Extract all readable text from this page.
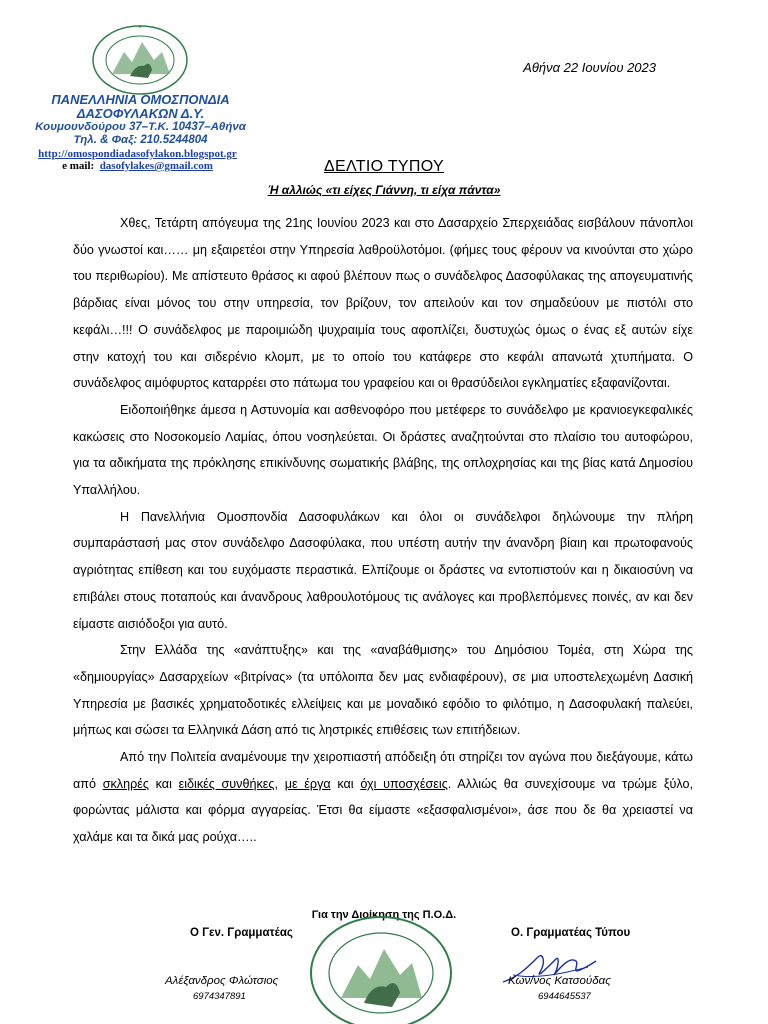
Αθήνα 22 Ιουνίου 2023
ΠΑΝΕΛΛΗΝΙΑ ΟΜΟΣΠΟΝΔΙΑ
ΔΑΣΟΦΥΛΑΚΩΝ Δ.Υ.
Κουμουνδούρου 37–Τ.Κ. 10437–Αθήνα
Τηλ. & Φαξ: 210.5244804
http://omospondiadasofylakon.blogspot.gr
e mail: dasofylakes@gmail.com	ΔΕΛΤΙΟ ΤΥΠΟΥ
Ή αλλιώς «τι είχες Γιάννη, τι είχα πάντα»

Χθες, Τετάρτη απόγευμα της 21ης Ιουνίου 2023 και στο Δασαρχείο Σπερχειάδας εισβάλουν πάνοπλοι δύο γνωστοί και…… μη εξαιρετέοι στην Υπηρεσία λαθροϋλοτόμοι. (φήμες τους φέρουν να κινούνται στο χώρο του περιθωρίου). Με απίστευτο θράσος κι αφού βλέπουν πως ο συνάδελφος Δασοφύλακας της απογευματινής βάρδιας είναι μόνος του στην υπηρεσία, τον βρίζουν, τον απειλούν και τον σημαδεύουν με πιστόλι στο κεφάλι…!!! Ο συνάδελφος με παροιμιώδη ψυχραιμία τους αφοπλίζει, δυστυχώς όμως ο ένας εξ αυτών είχε στην κατοχή του και σιδερένιο κλομπ, με το οποίο του κατάφερε στο κεφάλι απανωτά χτυπήματα. Ο συνάδελφος αιμόφυρτος καταρρέει στο πάτωμα του γραφείου και οι θρασύδειλοι εγκληματίες εξαφανίζονται.

Ειδοποιήθηκε άμεσα η Αστυνομία και ασθενοφόρο που μετέφερε το συνάδελφο με κρανιοεγκεφαλικές κακώσεις στο Νοσοκομείο Λαμίας, όπου νοσηλεύεται. Οι δράστες αναζητούνται στο πλαίσιο του αυτοφώρου, για τα αδικήματα της πρόκλησης επικίνδυνης σωματικής βλάβης, της οπλοχρησίας και της βίας κατά Δημοσίου Υπαλλήλου.

Η Πανελλήνια Ομοσπονδία Δασοφυλάκων και όλοι οι συνάδελφοι δηλώνουμε την πλήρη συμπαράστασή μας στον συνάδελφο Δασοφύλακα, που υπέστη αυτήν την άνανδρη βίαιη και πρωτοφανούς αγριότητας επίθεση και του ευχόμαστε περαστικά. Ελπίζουμε οι δράστες να εντοπιστούν και η δικαιοσύνη να επιβάλει στους ποταπούς και άνανδρους λαθρουλοτόμους τις ανάλογες και προβλεπόμενες ποινές, αν και δεν είμαστε αισιόδοξοι για αυτό.

Στην Ελλάδα της «ανάπτυξης» και της «αναβάθμισης» του Δημόσιου Τομέα, στη Χώρα της «δημιουργίας» Δασαρχείων «βιτρίνας» (τα υπόλοιπα δεν μας ενδιαφέρουν), σε μια υποστελεχωμένη Δασική Υπηρεσία με βασικές χρηματοδοτικές ελλείψεις και με μοναδικό εφόδιο το φιλότιμο, η Δασοφυλακή παλεύει, μήπως και σώσει τα Ελληνικά Δάση από τις ληστρικές επιθέσεις των επιτήδειων.

Από την Πολιτεία αναμένουμε την χειροπιαστή απόδειξη ότι στηρίζει τον αγώνα που διεξάγουμε, κάτω από σκληρές και ειδικές συνθήκες, με έργα και όχι υποσχέσεις. Αλλιώς θα συνεχίσουμε να τρώμε ξύλο, φορώντας μάλιστα και φόρμα αγγαρείας. Έτσι θα είμαστε «εξασφαλισμένοι», άσε που δε θα χρειαστεί να χαλάμε και τα δικά μας ρούχα…..

Για την Διοίκηση της Π.Ο.Δ.
Ο Γεν. Γραμματέας	Ο. Γραμματέας Τύπου
Αλέξανδρος Φλώτσιος
6974347891
Κων/νος Κατσούδας
6944645537
